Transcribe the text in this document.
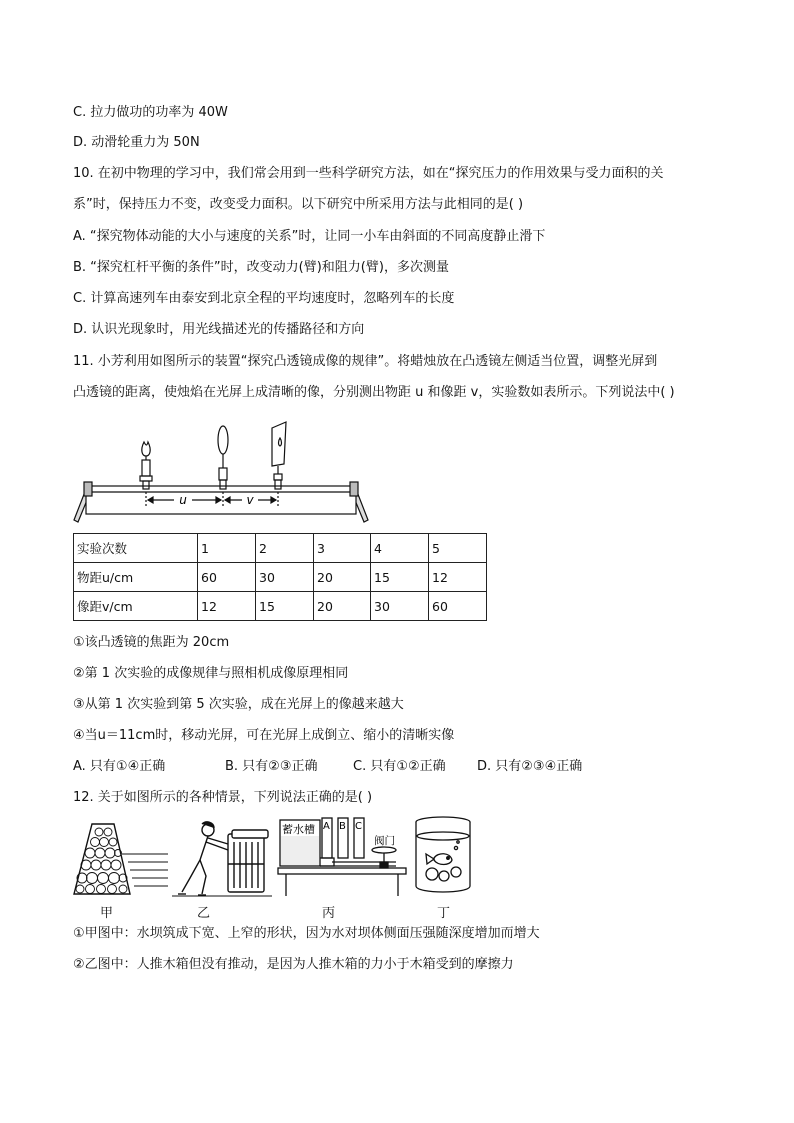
C. 拉力做功的功率为 40W
D. 动滑轮重力为 50N
10. 在初中物理的学习中，我们常会用到一些科学研究方法，如在“探究压力的作用效果与受力面积的关
系”时，保持压力不变，改变受力面积。以下研究中所采用方法与此相同的是( )
A. “探究物体动能的大小与速度的关系”时，让同一小车由斜面的不同高度静止滑下
B. “探究杠杆平衡的条件”时，改变动力(臂)和阻力(臂)，多次测量
C. 计算高速列车由泰安到北京全程的平均速度时，忽略列车的长度
D. 认识光现象时，用光线描述光的传播路径和方向
11. 小芳利用如图所示的装置“探究凸透镜成像的规律”。将蜡烛放在凸透镜左侧适当位置，调整光屏到
凸透镜的距离，使烛焰在光屏上成清晰的像，分别测出物距 u 和像距 v，实验数如表所示。下列说法中( )
u	v
实验次数	1	2	3	4	5
物距u/cm	60	30	20	15	12
像距v/cm	12	15	20	30	60
①该凸透镜的焦距为 20cm
②第 1 次实验的成像规律与照相机成像原理相同
③从第 1 次实验到第 5 次实验，成在光屏上的像越来越大
④当u＝11cm时，移动光屏，可在光屏上成倒立、缩小的清晰实像
A. 只有①④正确	B. 只有②③正确	C. 只有①②正确 D. 只有②③④正确
12. 关于如图所示的各种情景，下列说法正确的是( )
蓄水槽 A B C
阀门
甲	乙	丙	丁
①甲图中：水坝筑成下宽、上窄的形状，因为水对坝体侧面压强随深度增加而增大
②乙图中：人推木箱但没有推动，是因为人推木箱的力小于木箱受到的摩擦力
